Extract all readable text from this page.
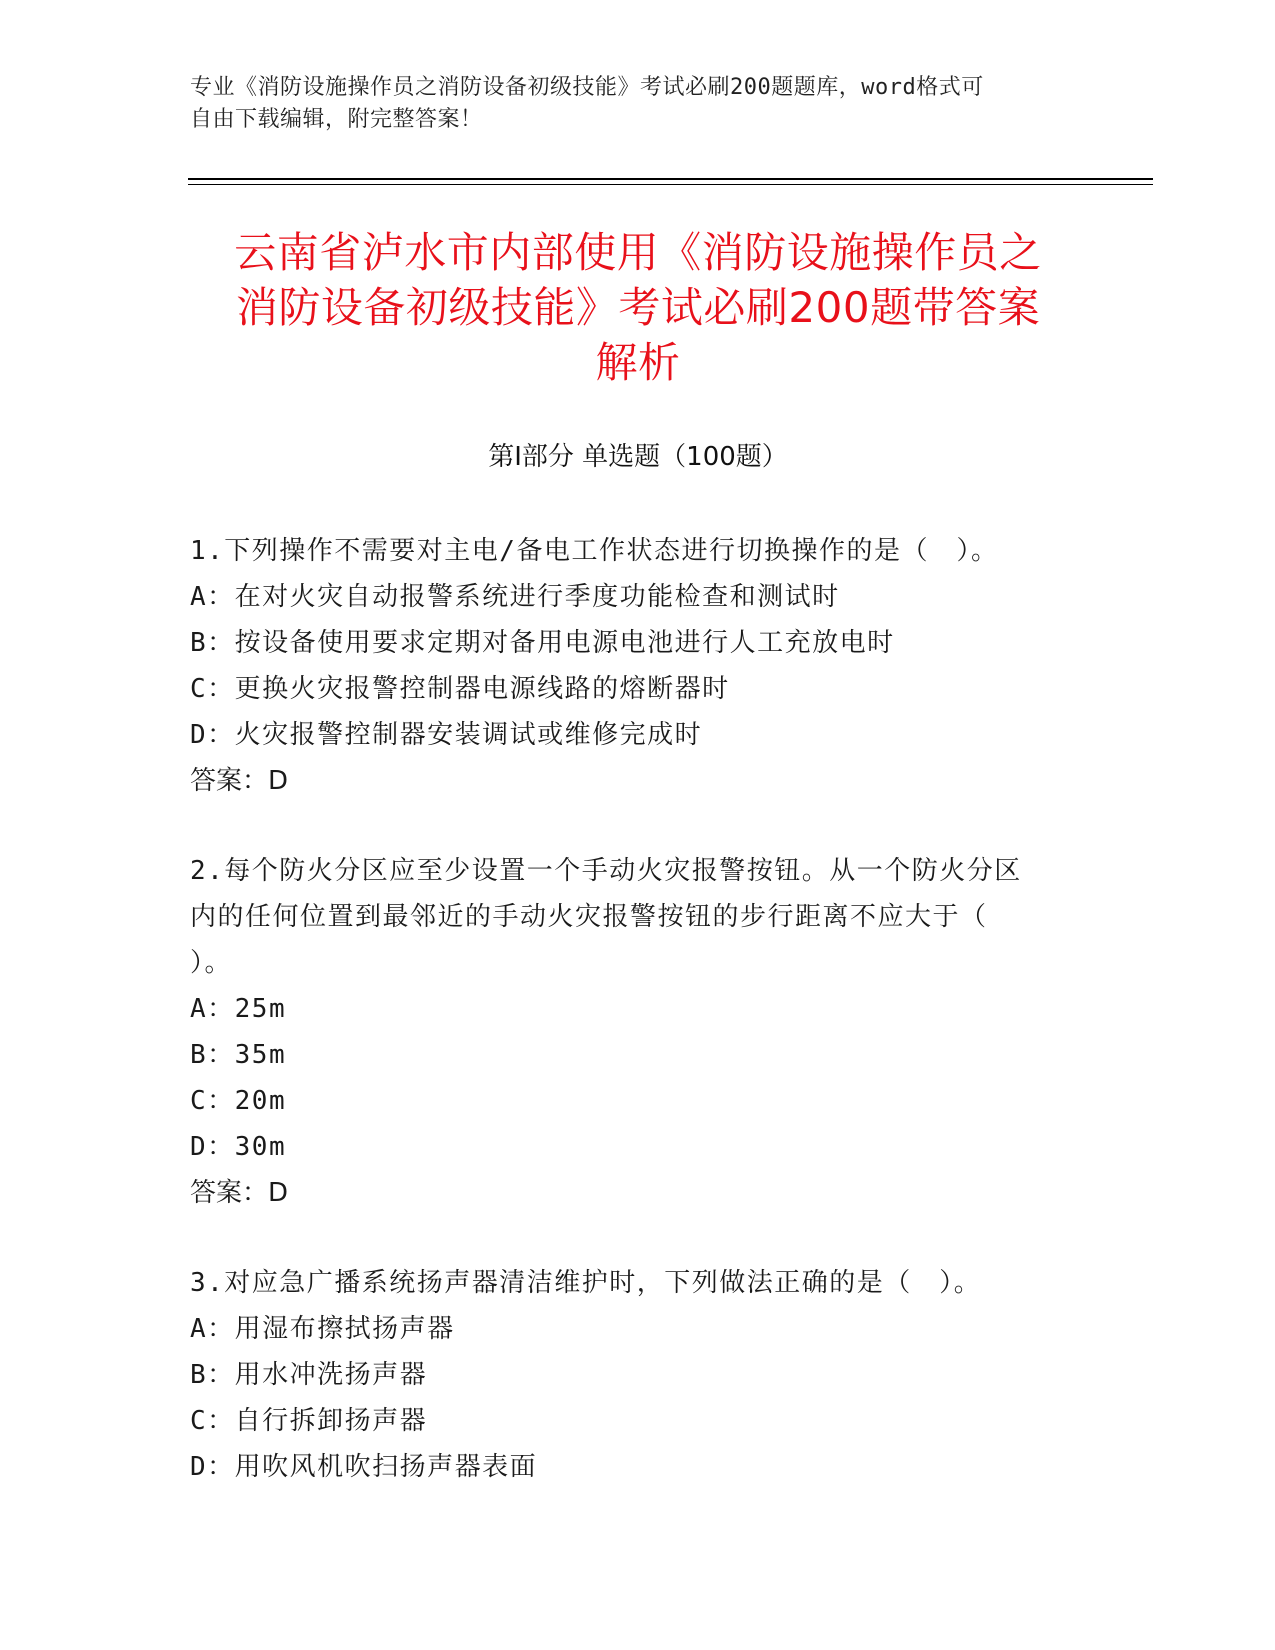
专业《消防设施操作员之消防设备初级技能》考试必刷200题题库，word格式可
自由下载编辑，附完整答案！
云南省泸水市内部使用《消防设施操作员之
消防设备初级技能》考试必刷200题带答案
解析
第Ⅰ部分 单选题（100题）

1.下列操作不需要对主电/备电工作状态进行切换操作的是（　）。

A：在对火灾自动报警系统进行季度功能检查和测试时

B：按设备使用要求定期对备用电源电池进行人工充放电时

C：更换火灾报警控制器电源线路的熔断器时

D：火灾报警控制器安装调试或维修完成时

答案：D

2.每个防火分区应至少设置一个手动火灾报警按钮。从一个防火分区

内的任何位置到最邻近的手动火灾报警按钮的步行距离不应大于（

）。

A：25m

B：35m

C：20m

D：30m

答案：D

3.对应急广播系统扬声器清洁维护时，下列做法正确的是（　）。

A：用湿布擦拭扬声器

B：用水冲洗扬声器

C：自行拆卸扬声器

D：用吹风机吹扫扬声器表面
